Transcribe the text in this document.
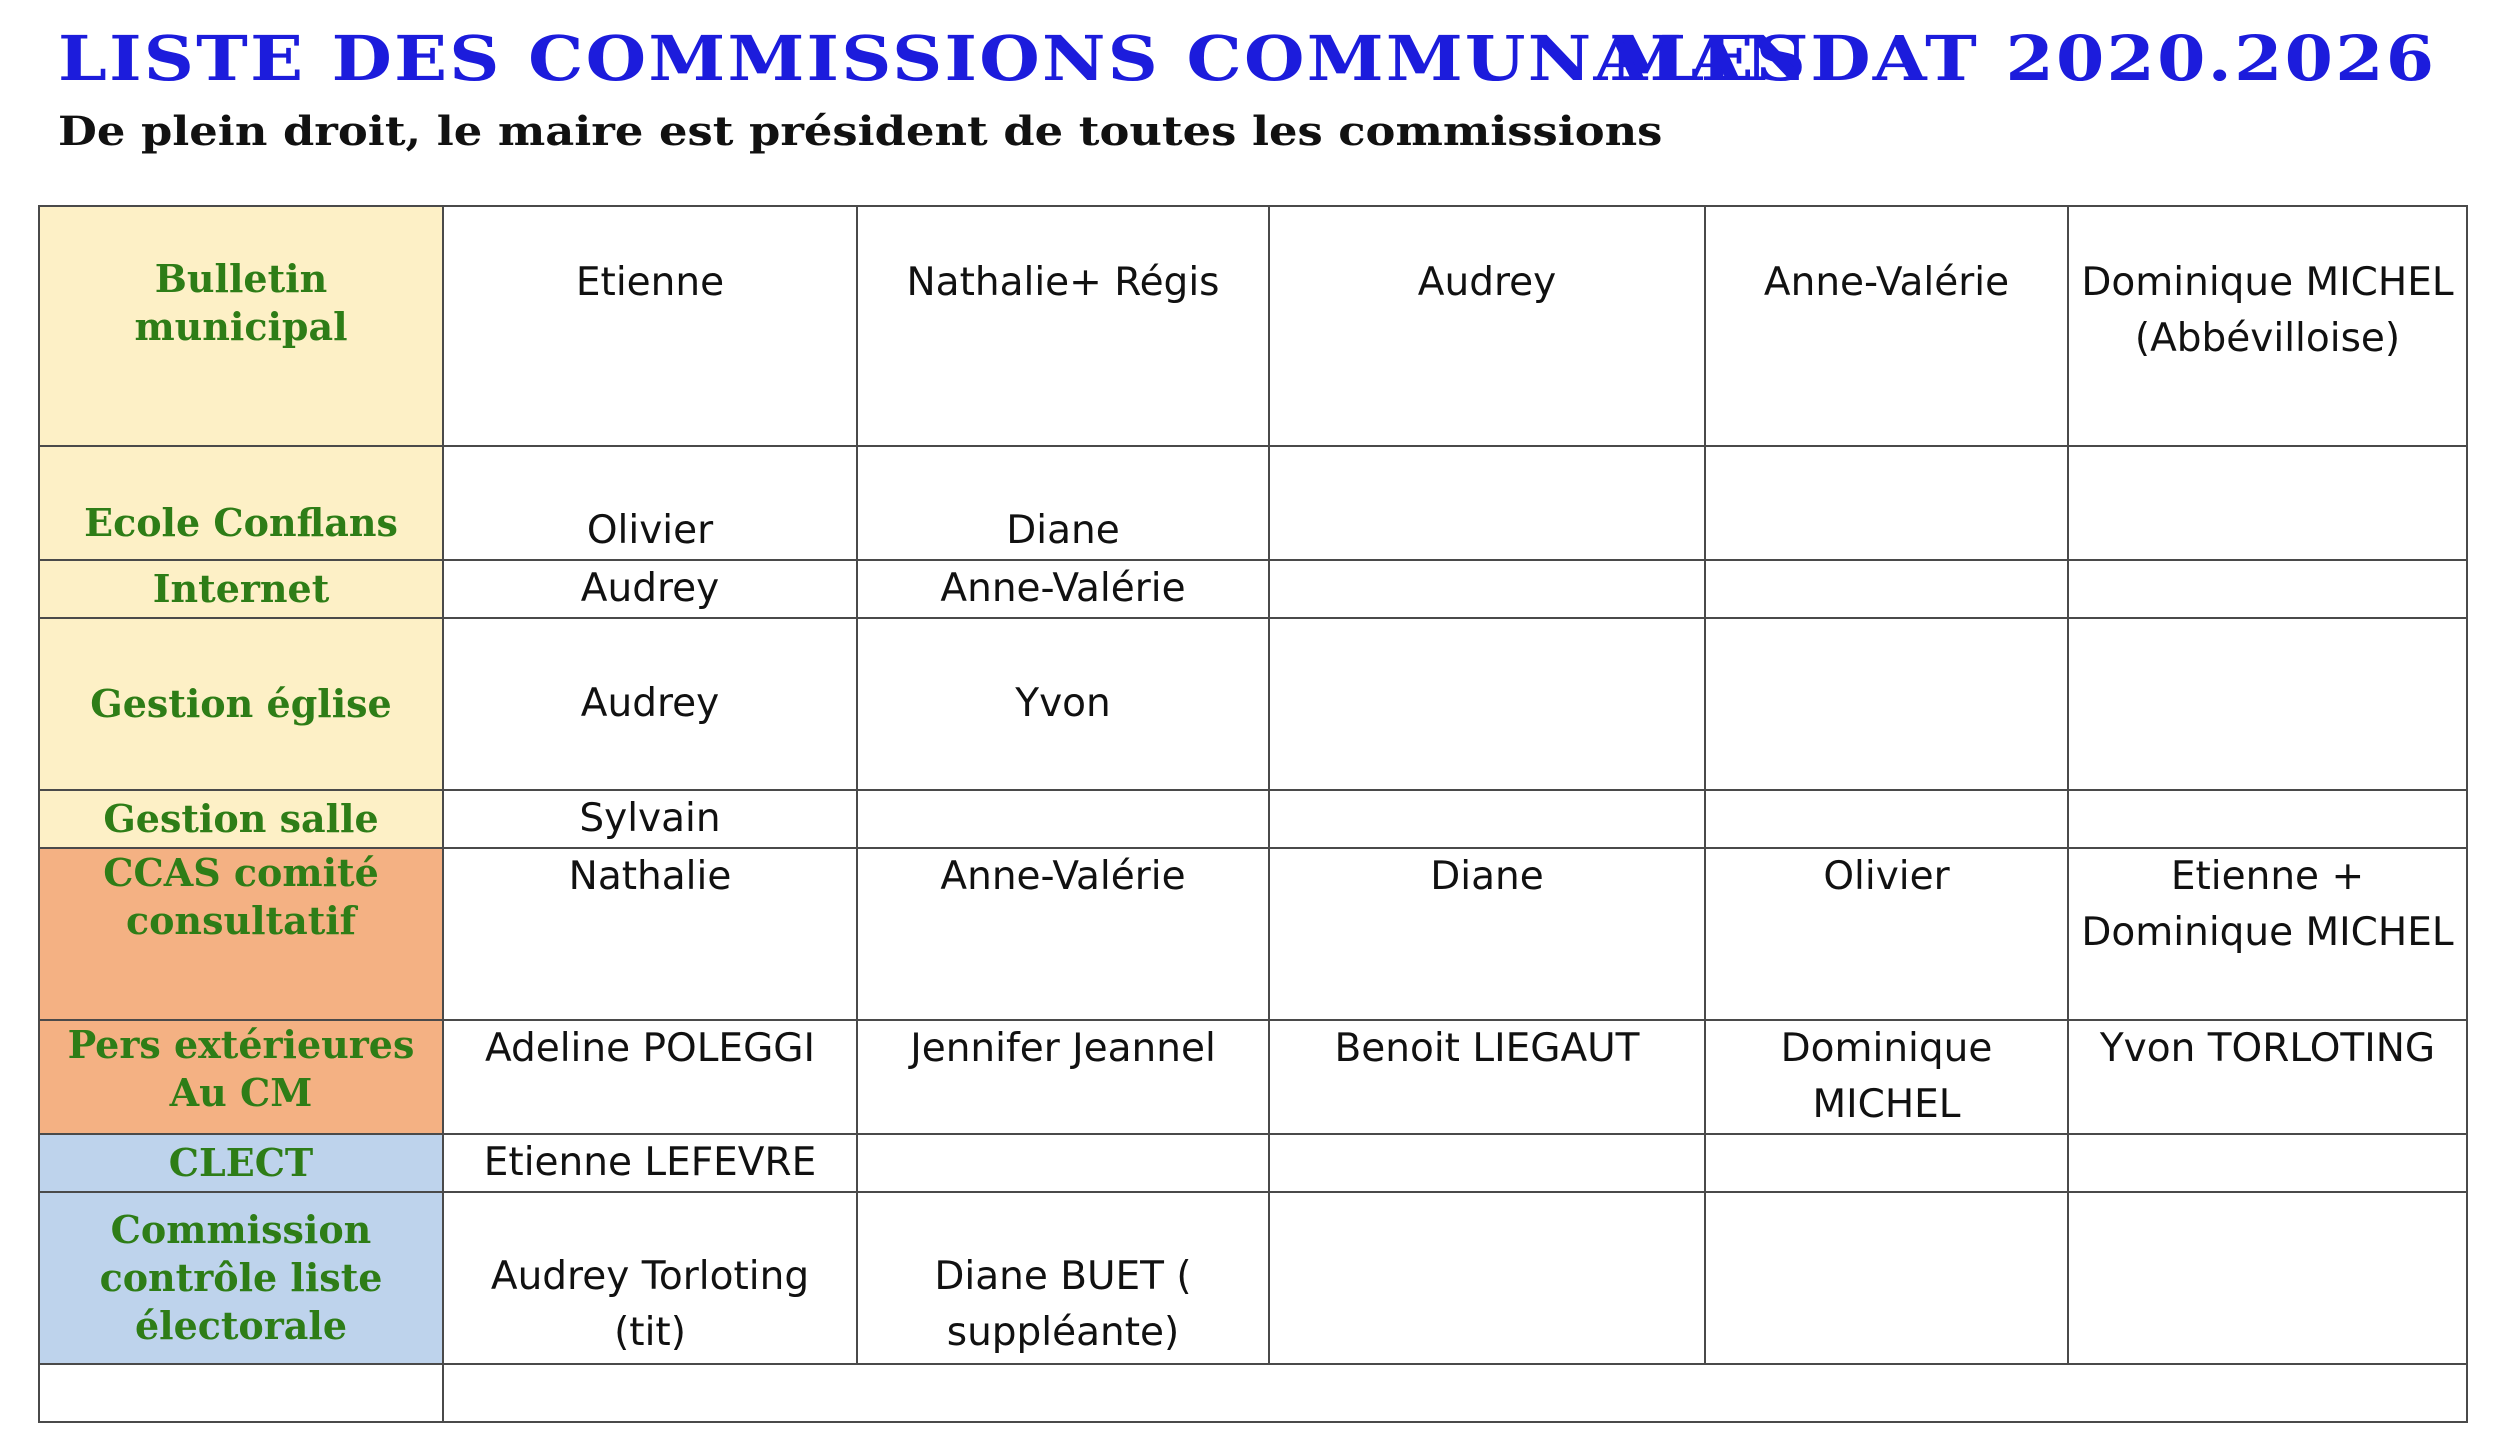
LISTE DES COMMISSIONS COMMUNALES
MANDAT 2020.2026
De plein droit, le maire est président de toutes les commissions
Bulletin municipal	Etienne	Nathalie+ Régis	Audrey	Anne-Valérie	Dominique MICHEL (Abbévilloise)
Ecole Conflans	Olivier	Diane			
Internet	Audrey	Anne-Valérie			
Gestion église	Audrey	Yvon			
Gestion salle	Sylvain				
CCAS comité consultatif	Nathalie	Anne-Valérie	Diane	Olivier	Etienne + Dominique MICHEL
Pers extérieures Au CM	Adeline POLEGGI	Jennifer Jeannel	Benoit LIEGAUT	Dominique MICHEL	Yvon TORLOTING
CLECT	Etienne LEFEVRE				
Commission contrôle liste électorale	Audrey Torloting (tit)	Diane BUET ( suppléante)			
